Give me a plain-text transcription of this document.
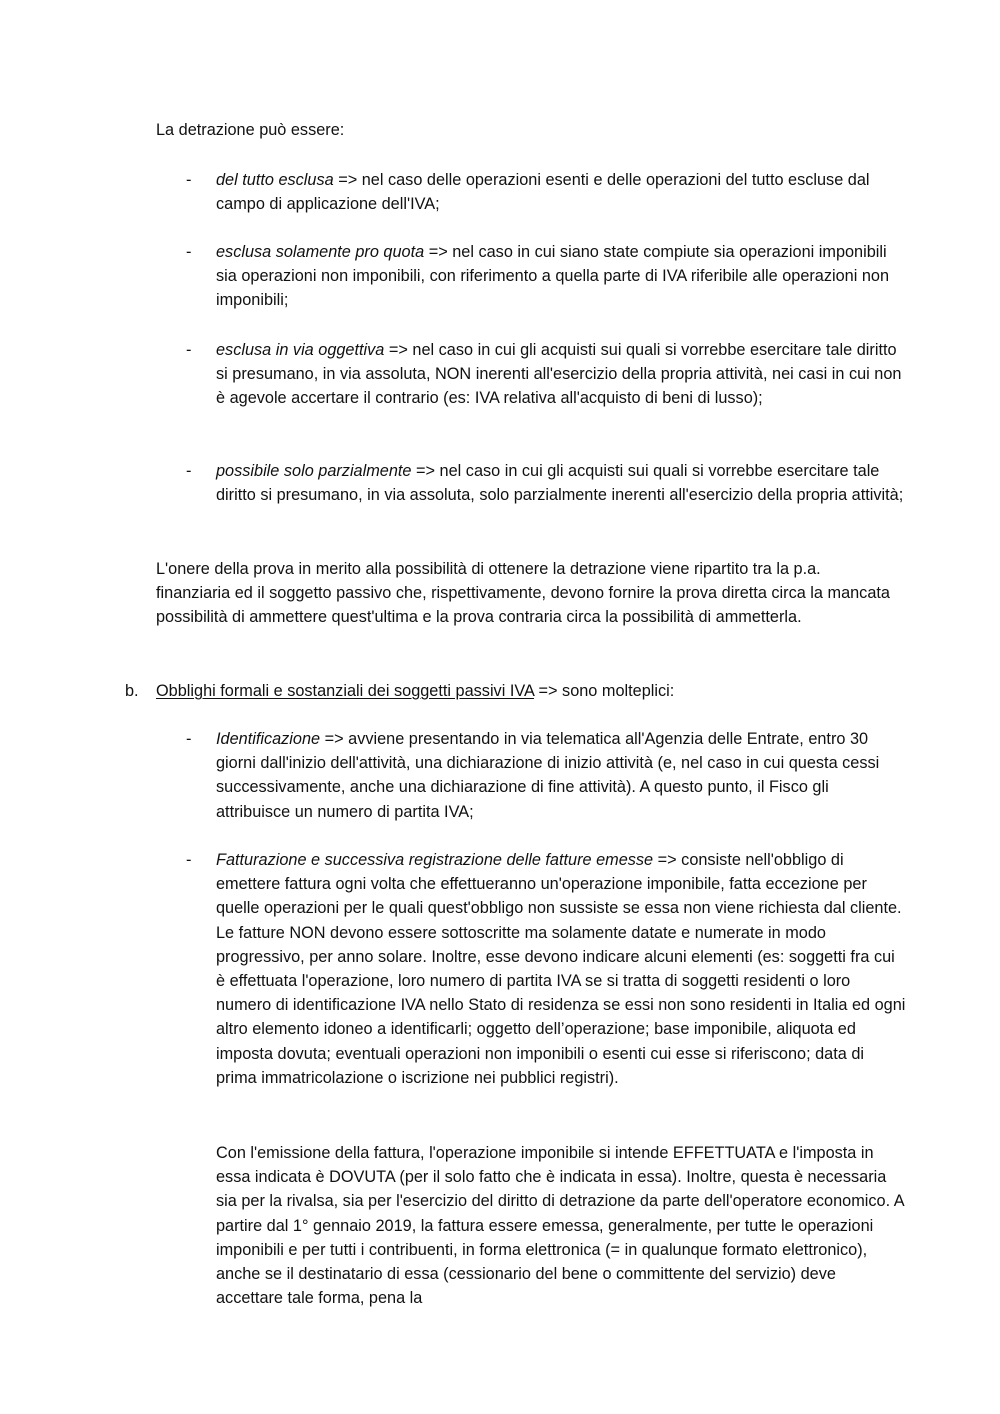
La detrazione può essere:

- del tutto esclusa => nel caso delle operazioni esenti e delle operazioni del tutto escluse dal campo di applicazione dell'IVA;

- esclusa solamente pro quota => nel caso in cui siano state compiute sia operazioni imponibili sia operazioni non imponibili, con riferimento a quella parte di IVA riferibile alle operazioni non imponibili;

- esclusa in via oggettiva => nel caso in cui gli acquisti sui quali si vorrebbe esercitare tale diritto si presumano, in via assoluta, NON inerenti all'esercizio della propria attività, nei casi in cui non è agevole accertare il contrario (es: IVA relativa all'acquisto di beni di lusso);

- possibile solo parzialmente => nel caso in cui gli acquisti sui quali si vorrebbe esercitare tale diritto si presumano, in via assoluta, solo parzialmente inerenti all'esercizio della propria attività;

L'onere della prova in merito alla possibilità di ottenere la detrazione viene ripartito tra la p.a. finanziaria ed il soggetto passivo che, rispettivamente, devono fornire la prova diretta circa la mancata possibilità di ammettere quest'ultima e la prova contraria circa la possibilità di ammetterla.

b. Obblighi formali e sostanziali dei soggetti passivi IVA => sono molteplici:

- Identificazione => avviene presentando in via telematica all'Agenzia delle Entrate, entro 30 giorni dall'inizio dell'attività, una dichiarazione di inizio attività (e, nel caso in cui questa cessi successivamente, anche una dichiarazione di fine attività). A questo punto, il Fisco gli attribuisce un numero di partita IVA;

- Fatturazione e successiva registrazione delle fatture emesse => consiste nell'obbligo di emettere fattura ogni volta che effettueranno un'operazione imponibile, fatta eccezione per quelle operazioni per le quali quest'obbligo non sussiste se essa non viene richiesta dal cliente. Le fatture NON devono essere sottoscritte ma solamente datate e numerate in modo progressivo, per anno solare. Inoltre, esse devono indicare alcuni elementi (es: soggetti fra cui è effettuata l'operazione, loro numero di partita IVA se si tratta di soggetti residenti o loro numero di identificazione IVA nello Stato di residenza se essi non sono residenti in Italia ed ogni altro elemento idoneo a identificarli; oggetto dell’operazione; base imponibile, aliquota ed imposta dovuta; eventuali operazioni non imponibili o esenti cui esse si riferiscono; data di prima immatricolazione o iscrizione nei pubblici registri).

Con l'emissione della fattura, l'operazione imponibile si intende EFFETTUATA e l'imposta in essa indicata è DOVUTA (per il solo fatto che è indicata in essa). Inoltre, questa è necessaria sia per la rivalsa, sia per l'esercizio del diritto di detrazione da parte dell'operatore economico. A partire dal 1° gennaio 2019, la fattura essere emessa, generalmente, per tutte le operazioni imponibili e per tutti i contribuenti, in forma elettronica (= in qualunque formato elettronico), anche se il destinatario di essa (cessionario del bene o committente del servizio) deve accettare tale forma, pena la
